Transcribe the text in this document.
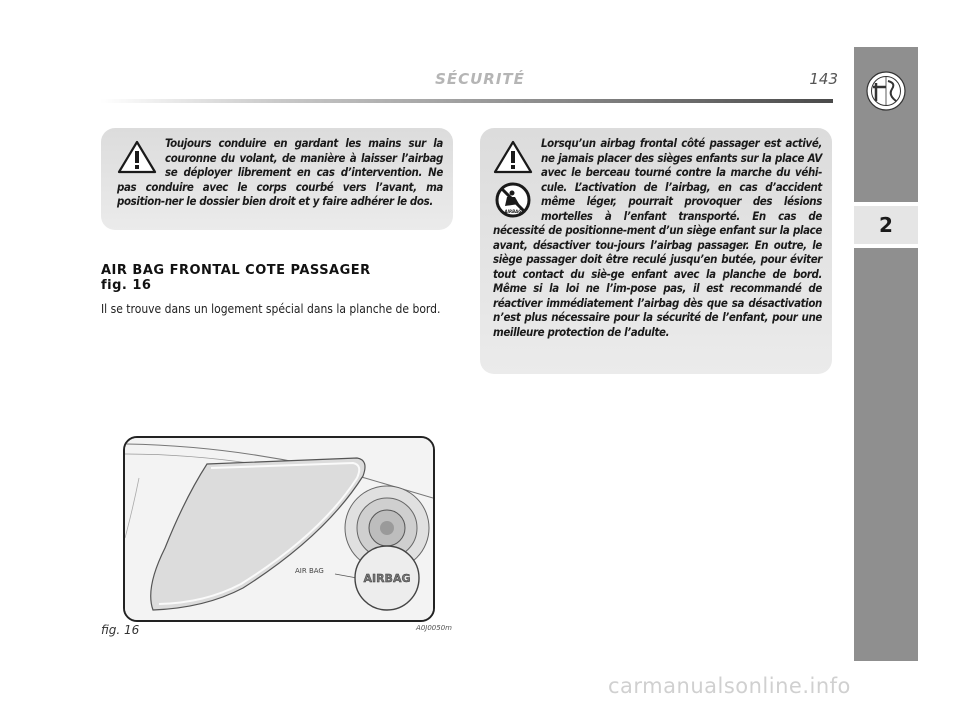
SÉCURITÉ	143
2

Toujours conduire en gardant les mains sur la couronne du volant, de manière à laisser l’airbag se déployer librement en cas d’intervention. Ne pas conduire avec le corps courbé vers l’avant, ma position-ner le dossier bien droit et y faire adhérer le dos.

AIRBAG

Lorsqu’un airbag frontal côté passager est activé, ne jamais placer des sièges enfants sur la place AV avec le berceau tourné contre la marche du véhi-cule. L’activation de l’airbag, en cas d’accident même léger, pourrait provoquer des lésions mortelles à l’enfant transporté. En cas de nécessité de positionne-ment d’un siège enfant sur la place avant, désactiver tou-jours l’airbag passager. En outre, le siège passager doit être reculé jusqu’en butée, pour éviter tout contact du siè-ge enfant avec la planche de bord. Même si la loi ne l’im-pose pas, il est recommandé de réactiver immédiatement l’airbag dès que sa désactivation n’est plus nécessaire pour la sécurité de l’enfant, pour une meilleure protection de l’adulte.

AIR BAG FRONTAL COTE PASSAGER
fig. 16
Il se trouve dans un logement spécial dans la planche de bord.
AIR BAG
AIRBAG
fig. 16	A0J0050m
carmanualsonline.info
